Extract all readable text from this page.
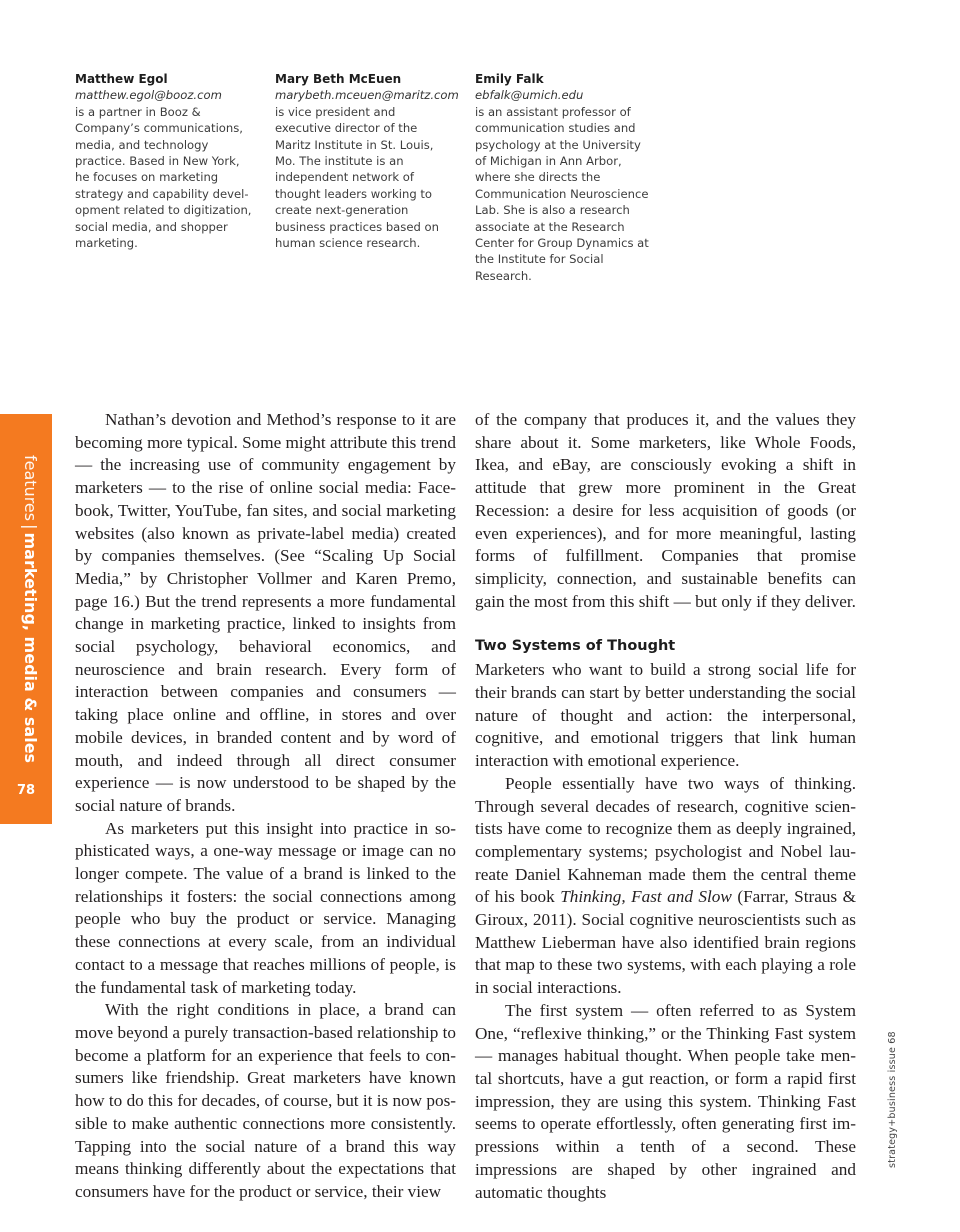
Matthew Egol
matthew.egol@booz.com

is a partner in Booz & Company’s communications, media, and technology practice. Based in New York, he focuses on marketing strategy and capability development related to digitization, social media, and shopper marketing.

Mary Beth McEuen
marybeth.mceuen@maritz.com

is vice president and executive director of the Maritz Institute in St. Louis, Mo. The institute is an independent network of thought leaders working to create next-generation business practices based on human science research.

Emily Falk
ebfalk@umich.edu

is an assistant professor of communication studies and psychology at the University of Michigan in Ann Arbor, where she directs the Communication Neuroscience Lab. She is also a research associate at the Research Center for Group Dynamics at the Institute for Social Research.

features|marketing, media & sales
78

Nathan’s devotion and Method’s response to it are becoming more typical. Some might attribute this trend — the increasing use of community engagement by marketers — to the rise of online social media: Facebook, Twitter, YouTube, fan sites, and social marketing websites (also known as private-label media) created by companies themselves. (See “Scaling Up Social Media,” by Christopher Vollmer and Karen Premo, page 16.) But the trend represents a more fundamental change in marketing practice, linked to insights from social psychology, behavioral economics, and neuroscience and brain research. Every form of interaction between companies and consumers — taking place online and offline, in stores and over mobile devices, in branded content and by word of mouth, and indeed through all direct consumer experience — is now understood to be shaped by the social nature of brands.

As marketers put this insight into practice in sophisticated ways, a one-way message or image can no longer compete. The value of a brand is linked to the relationships it fosters: the social connections among people who buy the product or service. Managing these connections at every scale, from an individual contact to a message that reaches millions of people, is the fundamental task of marketing today.

With the right conditions in place, a brand can move beyond a purely transaction-based relationship to become a platform for an experience that feels to consumers like friendship. Great marketers have known how to do this for decades, of course, but it is now possible to make authentic connections more consistently. Tapping into the social nature of a brand this way means thinking differently about the expectations that consumers have for the product or service, their view

of the company that produces it, and the values they share about it. Some marketers, like Whole Foods, Ikea, and eBay, are consciously evoking a shift in attitude that grew more prominent in the Great Recession: a desire for less acquisition of goods (or even experiences), and for more meaningful, lasting forms of fulfillment. Companies that promise simplicity, connection, and sustainable benefits can gain the most from this shift — but only if they deliver.

Two Systems of Thought

Marketers who want to build a strong social life for their brands can start by better understanding the social nature of thought and action: the interpersonal, cognitive, and emotional triggers that link human interaction with emotional experience.

People essentially have two ways of thinking. Through several decades of research, cognitive scientists have come to recognize them as deeply ingrained, complementary systems; psychologist and Nobel laureate Daniel Kahneman made them the central theme of his book Thinking, Fast and Slow (Farrar, Straus & Giroux, 2011). Social cognitive neuroscientists such as Matthew Lieberman have also identified brain regions that map to these two systems, with each playing a role in social interactions.

The first system — often referred to as System One, “reflexive thinking,” or the Thinking Fast system — manages habitual thought. When people take mental shortcuts, have a gut reaction, or form a rapid first impression, they are using this system. Thinking Fast seems to operate effortlessly, often generating first impressions within a tenth of a second. These impressions are shaped by other ingrained and automatic thoughts

strategy+business issue 68
